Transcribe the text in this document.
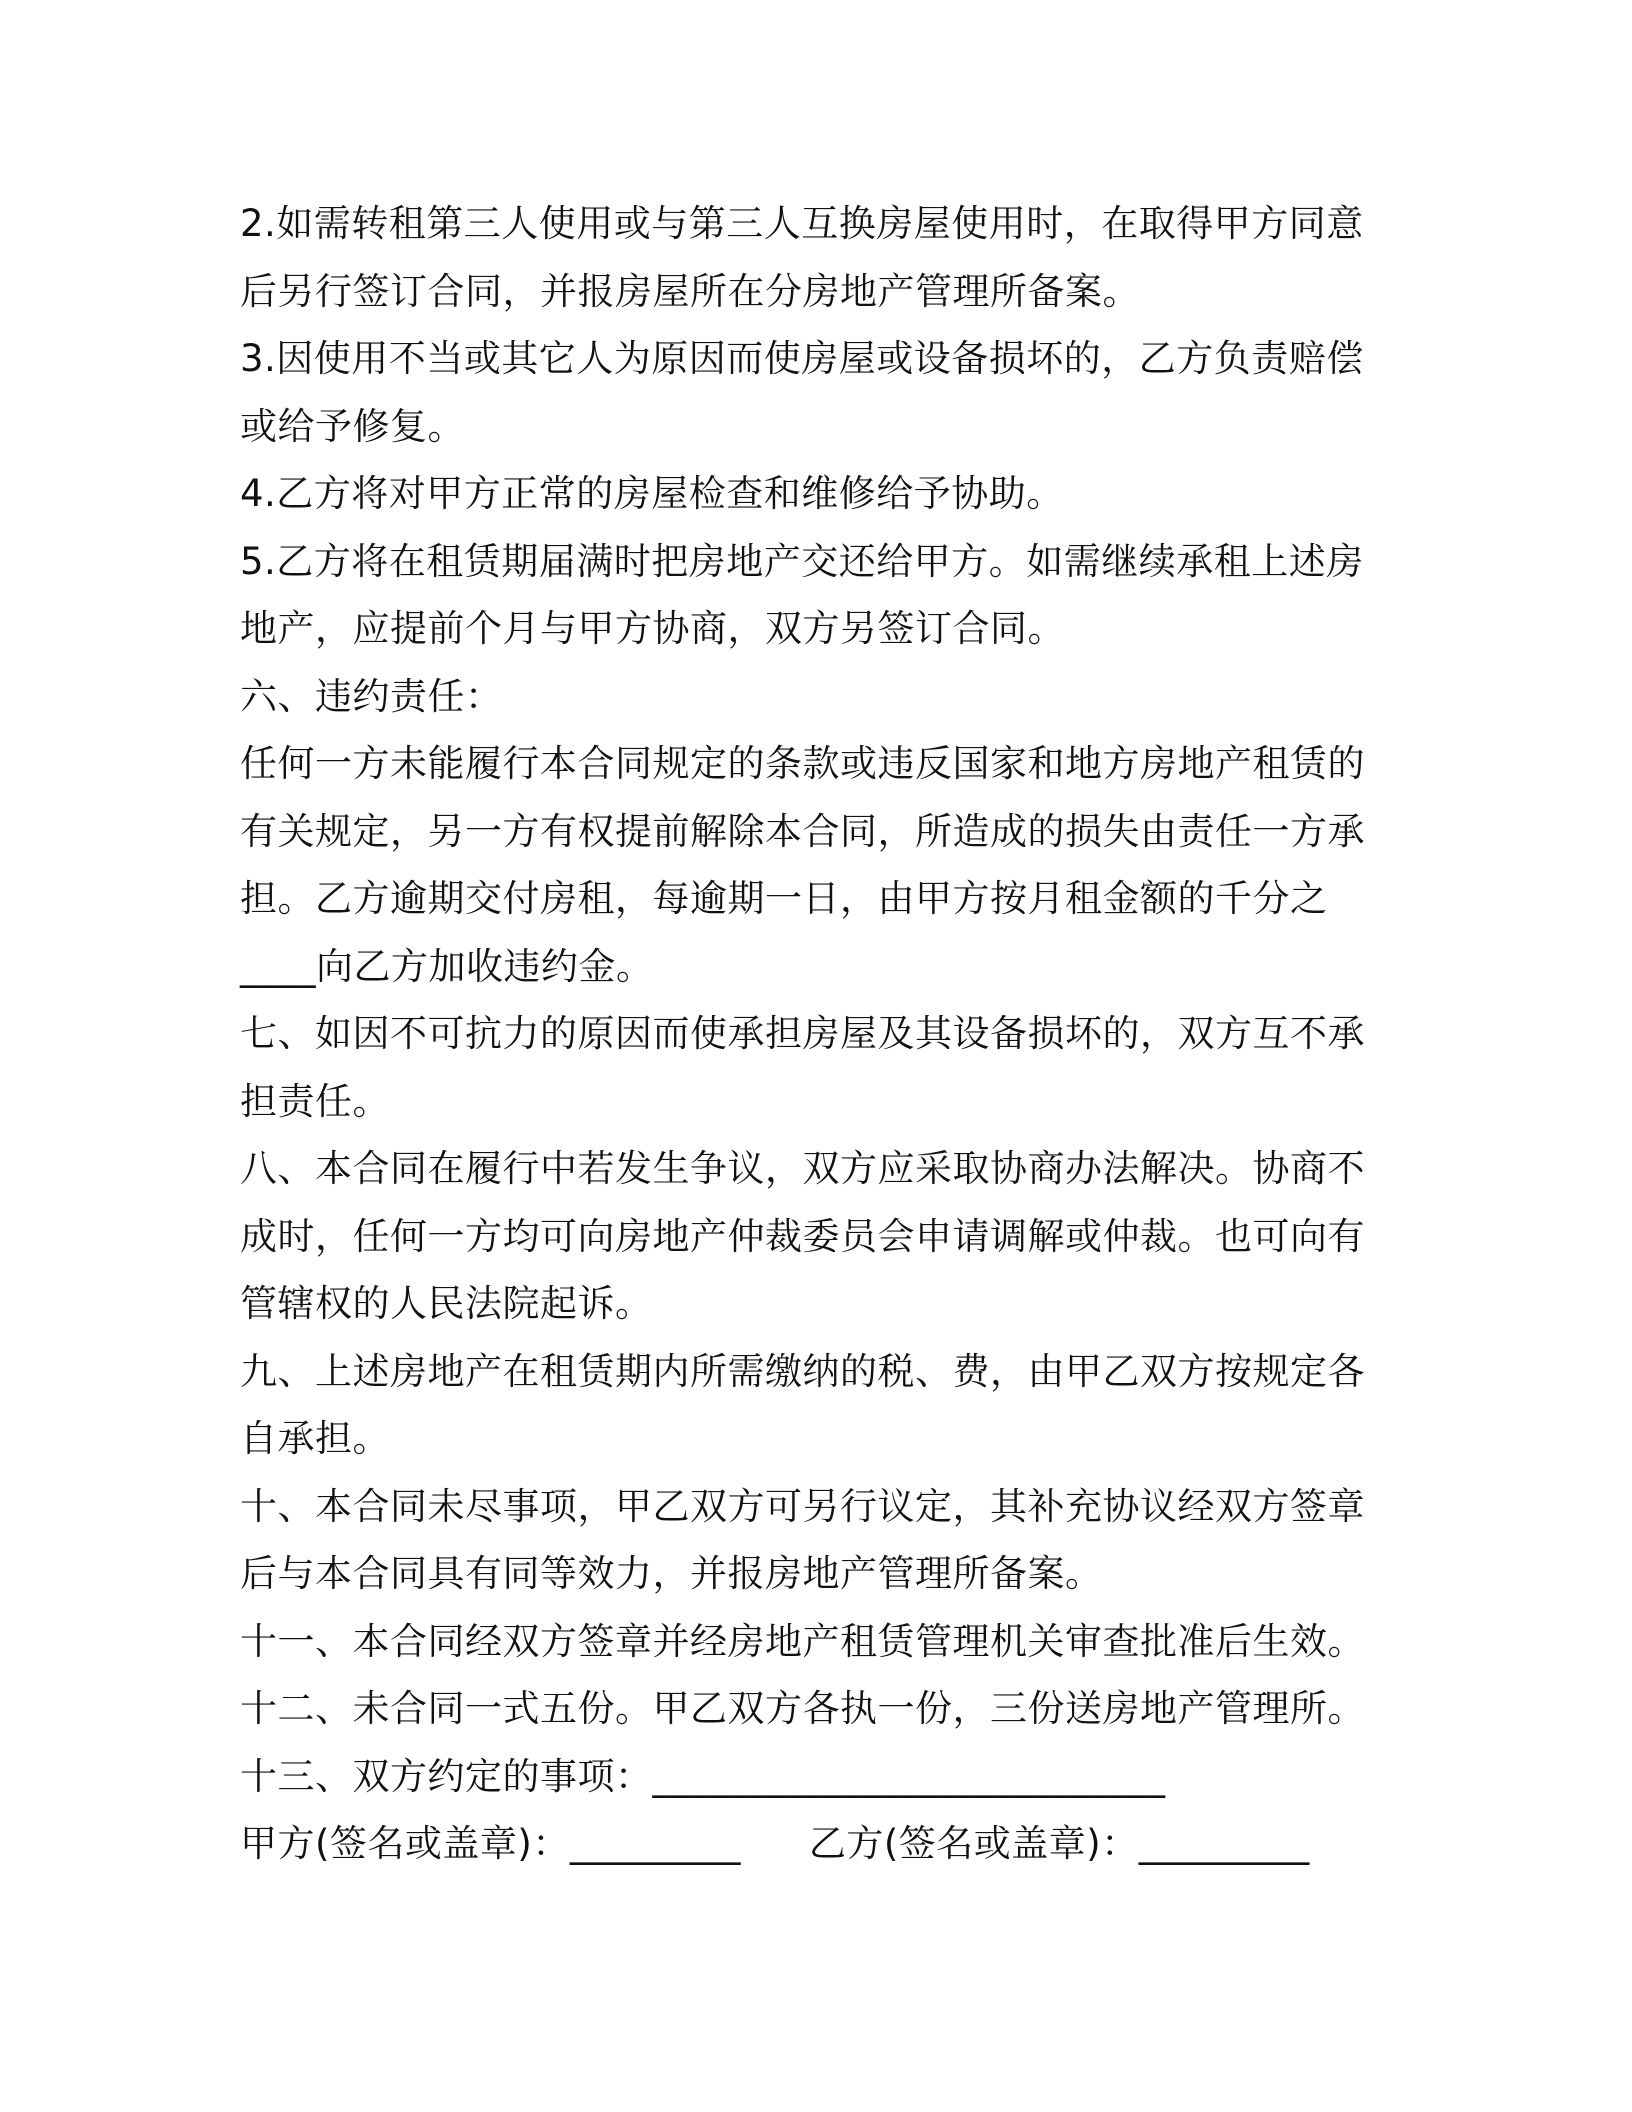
2.如需转租第三人使用或与第三人互换房屋使用时，在取得甲方同意

后另行签订合同，并报房屋所在分房地产管理所备案。

3.因使用不当或其它人为原因而使房屋或设备损坏的，乙方负责赔偿

或给予修复。

4.乙方将对甲方正常的房屋检查和维修给予协助。

5.乙方将在租赁期届满时把房地产交还给甲方。如需继续承租上述房

地产，应提前个月与甲方协商，双方另签订合同。

六、违约责任：

任何一方未能履行本合同规定的条款或违反国家和地方房地产租赁的

有关规定，另一方有权提前解除本合同，所造成的损失由责任一方承

担。乙方逾期交付房租，每逾期一日，由甲方按月租金额的千分之

____向乙方加收违约金。

七、如因不可抗力的原因而使承担房屋及其设备损坏的，双方互不承

担责任。

八、本合同在履行中若发生争议，双方应采取协商办法解决。协商不

成时，任何一方均可向房地产仲裁委员会申请调解或仲裁。也可向有

管辖权的人民法院起诉。

九、上述房地产在租赁期内所需缴纳的税、费，由甲乙双方按规定各

自承担。

十、本合同未尽事项，甲乙双方可另行议定，其补充协议经双方签章

后与本合同具有同等效力，并报房地产管理所备案。

十一、本合同经双方签章并经房地产租赁管理机关审查批准后生效。

十二、未合同一式五份。甲乙双方各执一份，三份送房地产管理所。

十三、双方约定的事项：___________________________

甲方(签名或盖章)：_________ 乙方(签名或盖章)：_________
